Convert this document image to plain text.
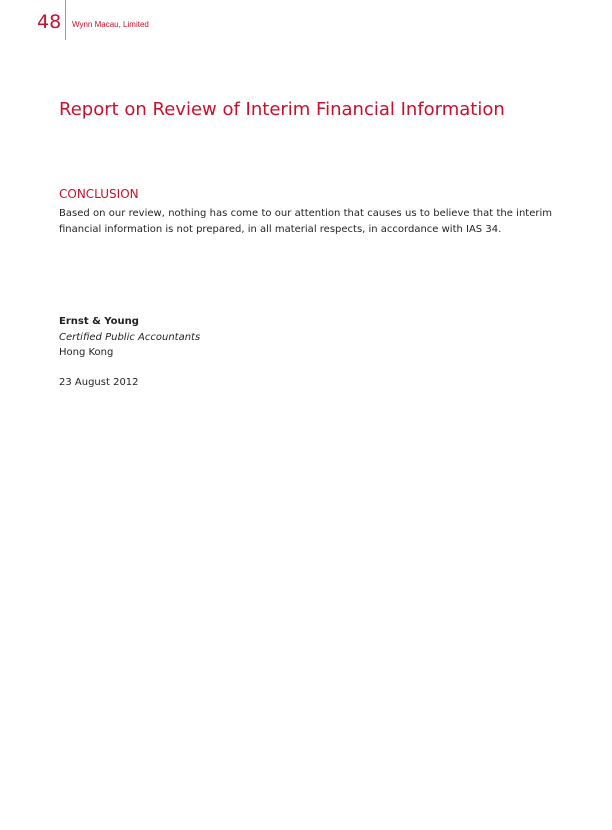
48 Wynn Macau, Limited
Report on Review of Interim Financial Information
CONCLUSION

Based on our review, nothing has come to our attention that causes us to believe that the interim financial information is not prepared, in all material respects, in accordance with IAS 34.

Ernst & Young
Certified Public Accountants
Hong Kong
23 August 2012
